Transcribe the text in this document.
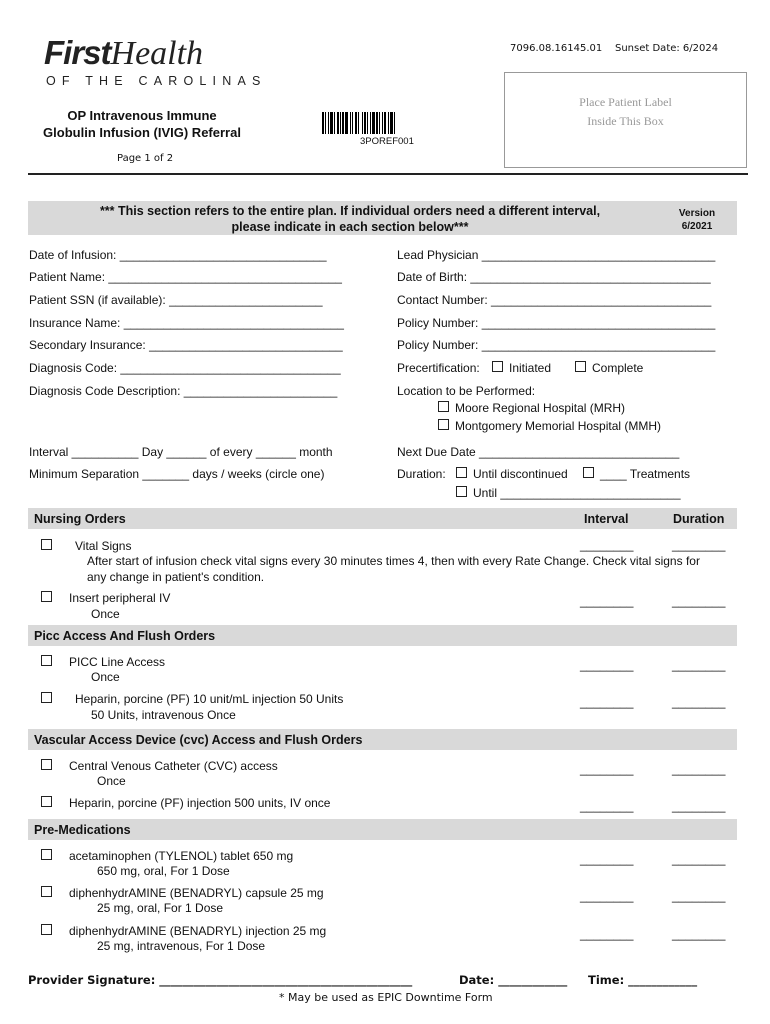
FirstHealth
OF THE CAROLINAS
OP Intravenous Immune
Globulin Infusion (IVIG) Referral
Page 1 of 2
7096.08.16145.01 Sunset Date: 6/2024
3POREF001
Place Patient Label
Inside This Box
*** This section refers to the entire plan. If individual orders need a different interval,
please indicate in each section below***
Version
6/2021
Date of Infusion: _______________________________
Patient Name: ___________________________________
Patient SSN (if available): _______________________
Insurance Name: _________________________________
Secondary Insurance: _____________________________
Diagnosis Code: _________________________________
Diagnosis Code Description: _______________________
Lead Physician ___________________________________
Date of Birth: ____________________________________
Contact Number: _________________________________
Policy Number: ___________________________________
Policy Number: ___________________________________
Precertification: Initiated	Complete
Location to be Performed:
Moore Regional Hospital (MRH)
Montgomery Memorial Hospital (MMH)
Interval __________ Day ______ of every ______ month
Minimum Separation _______ days / weeks (circle one)
Next Due Date ______________________________
Duration: Until discontinued	____ Treatments
Until ___________________________
Nursing Orders	Interval	Duration
Vital Signs
After start of infusion check vital signs every 30 minutes times 4, then with every Rate Change. Check vital signs for
any change in patient's condition.
________	________
Insert peripheral IV
Once
________	________
Picc Access And Flush Orders
PICC Line Access
Once
________	________
Heparin, porcine (PF) 10 unit/mL injection 50 Units
50 Units, intravenous Once
________	________
Vascular Access Device (cvc) Access and Flush Orders
Central Venous Catheter (CVC) access
Once
________	________
Heparin, porcine (PF) injection 500 units, IV once	________	________
Pre-Medications
acetaminophen (TYLENOL) tablet 650 mg
650 mg, oral, For 1 Dose
________	________
diphenhydrAMINE (BENADRYL) capsule 25 mg
25 mg, oral, For 1 Dose
________	________
diphenhydrAMINE (BENADRYL) injection 25 mg
25 mg, intravenous, For 1 Dose
________	________
Provider Signature: ____________________________________________	Date: ____________ Time: ____________
* May be used as EPIC Downtime Form
